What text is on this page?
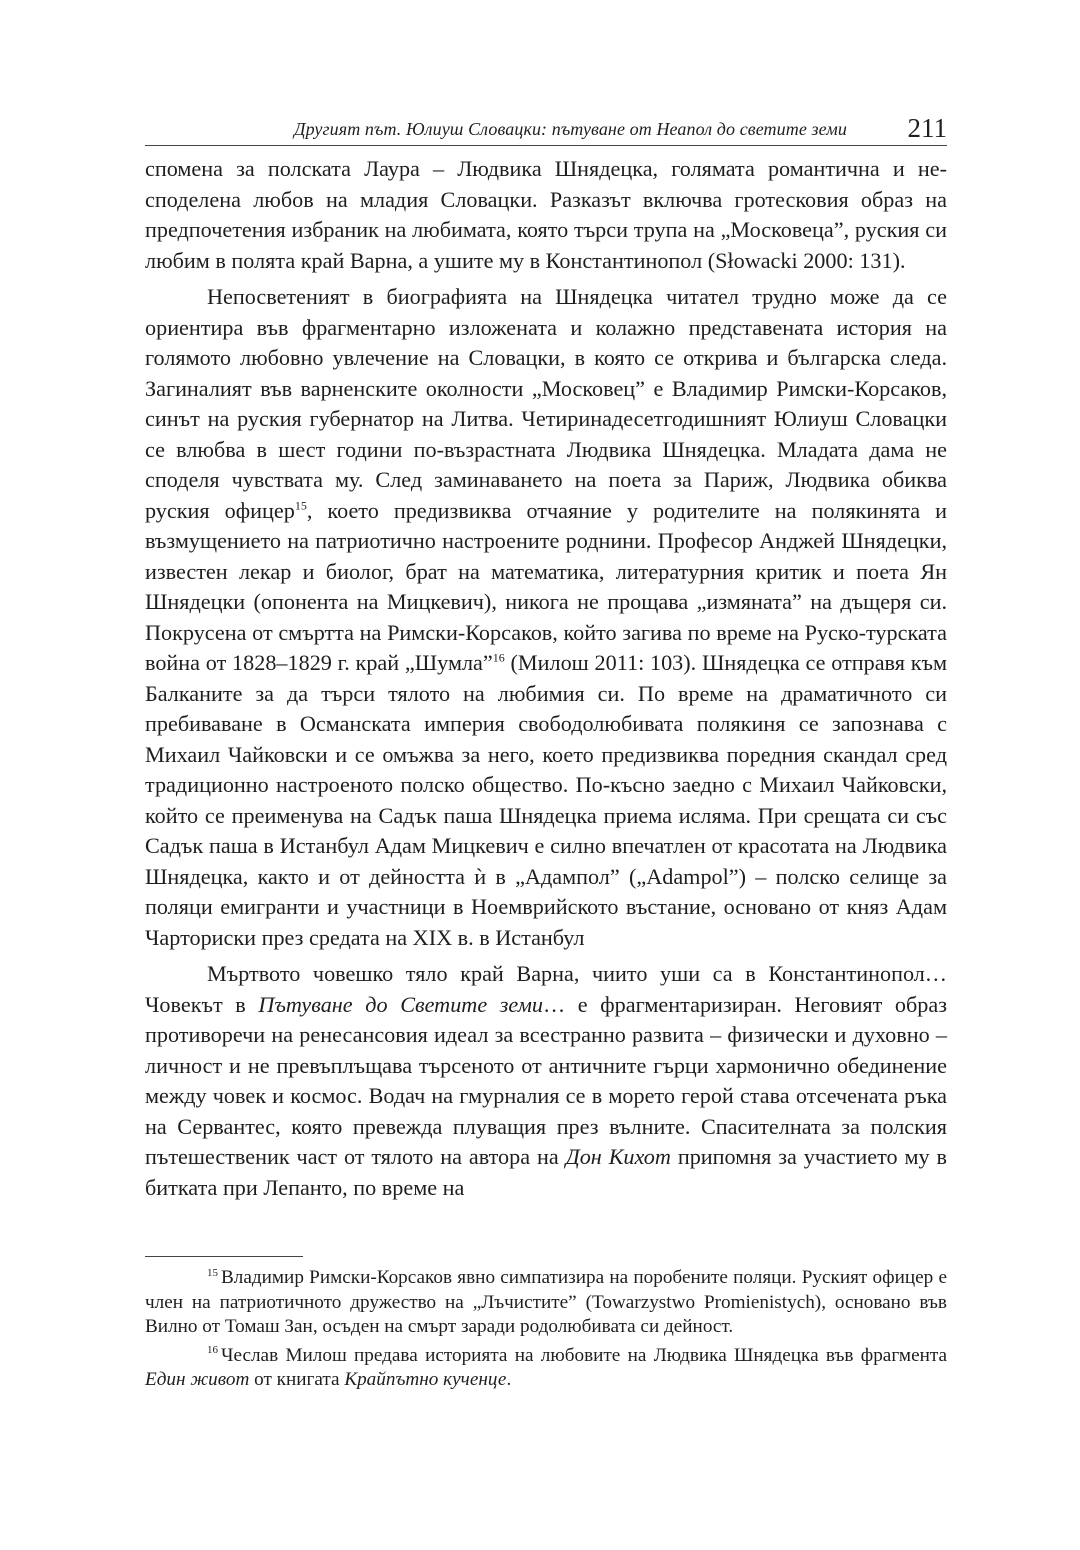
Другият път. Юлиуш Словацки: пътуване от Неапол до светите земи 211

спомена за полската Лаура – Людвика Шнядецка, голямата романтична и несподелена любов на младия Словацки. Разказът включва гротесковия образ на предпочетения избраник на любимата, която търси трупа на „Московеца”, руския си любим в полята край Варна, а ушите му в Константинопол (Słowacki 2000: 131).

Непосветеният в биографията на Шнядецка читател трудно може да се ориентира във фрагментарно изложената и колажно представената история на голямото любовно увлечение на Словацки, в която се открива и българска следа. Загиналият във варненските околности „Московец” е Владимир Римски-Корсаков, синът на руския губернатор на Литва. Четиринадесетгодишният Юлиуш Словацки се влюбва в шест години по-възрастната Людвика Шнядецка. Младата дама не споделя чувствата му. След заминаването на поета за Париж, Людвика обиква руския офицер$^{15}$, което предизвиква отчаяние у родителите на полякинята и възмущението на патриотично настроените роднини. Професор Анджей Шнядецки, известен лекар и биолог, брат на математика, литературния критик и поета Ян Шнядецки (опонента на Мицкевич), никога не прощава „измяната” на дъщеря си. Покрусена от смъртта на Римски-Корсаков, който загива по време на Руско-турската война от 1828–1829 г. край „Шумла”$^{16}$ (Милош 2011: 103). Шнядецка се отправя към Балканите за да търси тялото на любимия си. По време на драматичното си пребиваване в Османската империя свободолюбивата полякиня се запознава с Михаил Чайковски и се омъжва за него, което предизвиква поредния скандал сред традиционно настроеното полско общество. По-късно заедно с Михаил Чайковски, който се преименува на Садък паша Шнядецка приема исляма. При срещата си със Садък паша в Истанбул Адам Мицкевич е силно впечатлен от красотата на Людвика Шнядецка, както и от дейността ѝ в „Адампол” („Adampol”) – полско селище за поляци емигранти и участници в Ноемврийското въстание, основано от княз Адам Чарториски през средата на XIX в. в Истанбул

Мъртвото човешко тяло край Варна, чиито уши са в Константинопол… Човекът в Пътуване до Светите земи… е фрагментаризиран. Неговият образ противоречи на ренесансовия идеал за всестранно развита – физически и духовно – личност и не превъплъщава търсеното от античните гърци хармонично обединение между човек и космос. Водач на гмурналия се в морето герой става отсечената ръка на Сервантес, която превежда плуващия през вълните. Спасителната за полския пътешественик част от тялото на автора на Дон Кихот припомня за участието му в битката при Лепанто, по време на

$^{15}$ Владимир Римски-Корсаков явно симпатизира на поробените поляци. Руският офицер е член на патриотичното дружество на „Лъчистите” (Towarzystwo Promienistych), основано във Вилно от Томаш Зан, осъден на смърт заради родолюбивата си дейност.

$^{16}$ Чеслав Милош предава историята на любовите на Людвика Шнядецка във фрагмента Един живот от книгата Крайпътно кученце.
